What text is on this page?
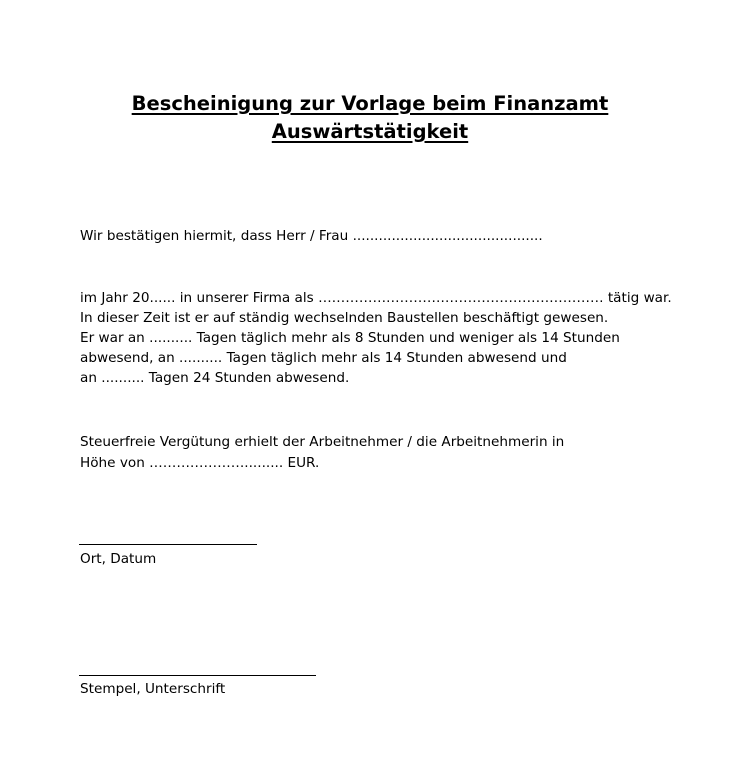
Bescheinigung zur Vorlage beim Finanzamt
Auswärtstätigkeit
Wir bestätigen hiermit, dass Herr / Frau ............................................
im Jahr 20...... in unserer Firma als ……………………………………………………… tätig war.
In dieser Zeit ist er auf ständig wechselnden Baustellen beschäftigt gewesen.
Er war an .......... Tagen täglich mehr als 8 Stunden und weniger als 14 Stunden
abwesend, an .......... Tagen täglich mehr als 14 Stunden abwesend und
an .......... Tagen 24 Stunden abwesend.
Steuerfreie Vergütung erhielt der Arbeitnehmer / die Arbeitnehmerin in
Höhe von …………………......... EUR.
Ort, Datum
Stempel, Unterschrift
